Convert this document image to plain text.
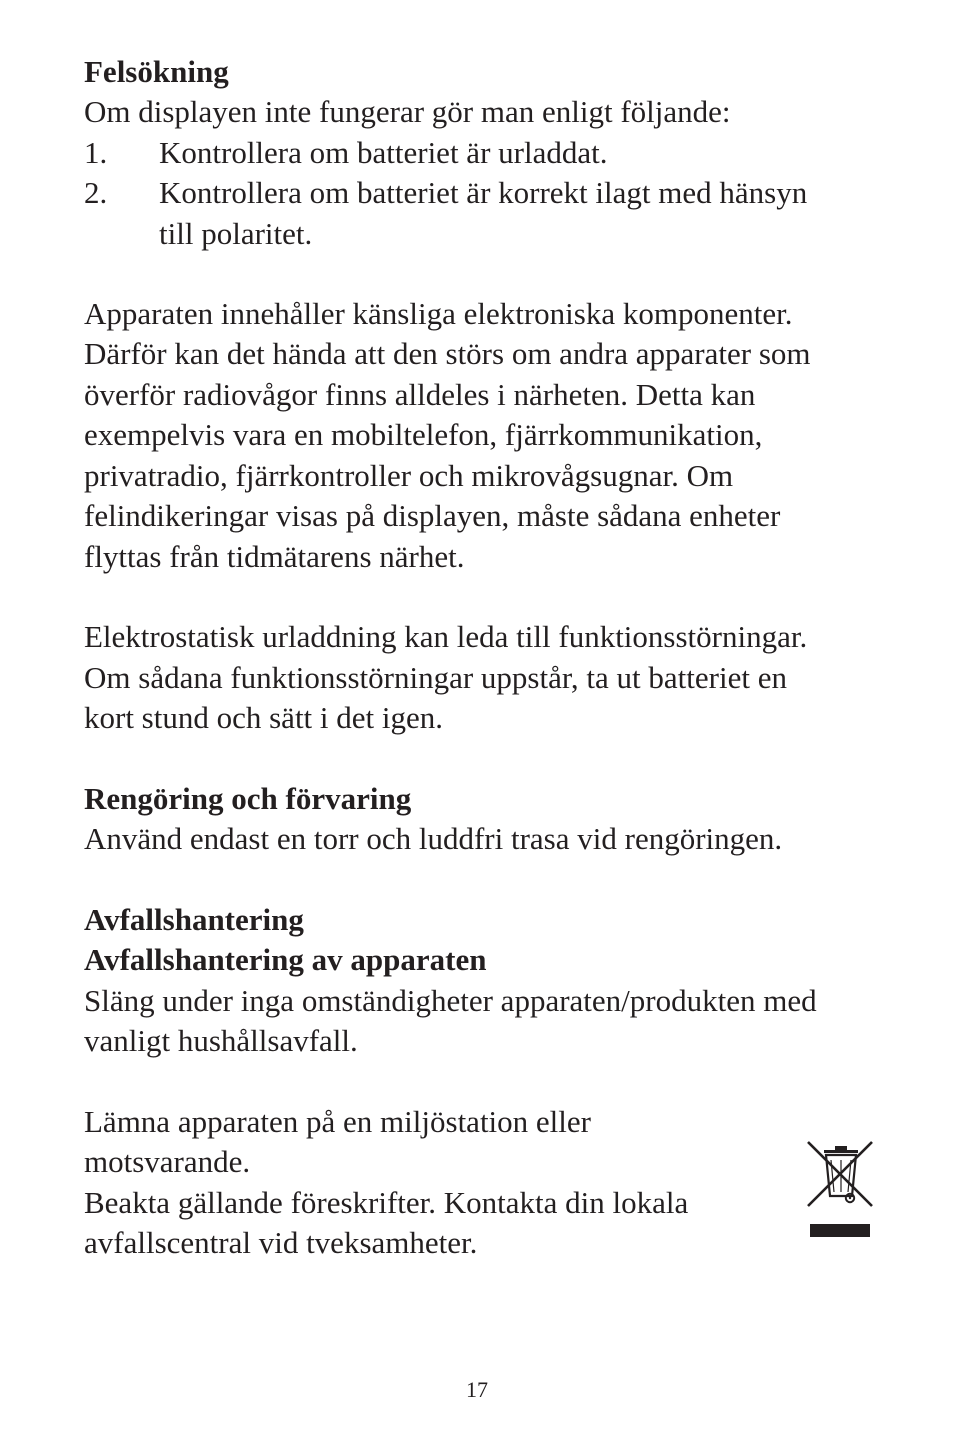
Felsökning
Om displayen inte fungerar gör man enligt följande:
1. Kontrollera om batteriet är urladdat.
2. Kontrollera om batteriet är korrekt ilagt med hänsyn
till polaritet.
Apparaten innehåller känsliga elektroniska komponenter.
Därför kan det hända att den störs om andra apparater som
överför radiovågor finns alldeles i närheten. Detta kan
exempelvis vara en mobiltelefon, fjärrkommunikation,
privatradio, fjärrkontroller och mikrovågsugnar. Om
felindikeringar visas på displayen, måste sådana enheter
flyttas från tidmätarens närhet.
Elektrostatisk urladdning kan leda till funktionsstörningar.
Om sådana funktionsstörningar uppstår, ta ut batteriet en
kort stund och sätt i det igen.
Rengöring och förvaring
Använd endast en torr och luddfri trasa vid rengöringen.
Avfallshantering
Avfallshantering av apparaten
Släng under inga omständigheter apparaten/produkten med
vanligt hushållsavfall.
Lämna apparaten på en miljöstation eller
motsvarande.
Beakta gällande föreskrifter. Kontakta din lokala
avfallscentral vid tveksamheter.
17
